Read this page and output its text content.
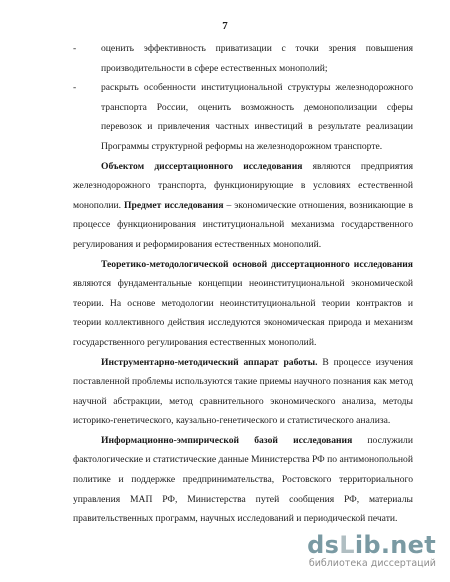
7
-	оценить эффективность приватизации с точки зрения повышения производительности в сфере естественных монополий;
-	раскрыть особенности институциональной структуры железнодорожного транспорта России, оценить возможность демонополизации сферы перевозок и привлечения частных инвестиций в результате реализации Программы структурной реформы на железнодорожном транспорте.
Объектом диссертационного исследования являются предприятия железнодорожного транспорта, функционирующие в условиях естественной монополии. Предмет исследования – экономические отношения, возникающие в процессе функционирования институциональной механизма государственного регулирования и реформирования естественных монополий.
Теоретико-методологической основой диссертационного исследования являются фундаментальные концепции неоинституциональной экономической теории. На основе методологии неоинституциональной теории контрактов и теории коллективного действия исследуются экономическая природа и механизм государственного регулирования естественных монополий.
Инструментарно-методический аппарат работы. В процессе изучения поставленной проблемы используются такие приемы научного познания как метод научной абстракции, метод сравнительного экономического анализа, методы историко-генетического, каузально-генетического и статистического анализа.
Информационно-эмпирической базой исследования послужили фактологические и статистические данные Министерства РФ по антимонопольной политике и поддержке предпринимательства, Ростовского территориального управления МАП РФ, Министерства путей сообщения РФ, материалы правительственных программ, научных исследований и периодической печати.
dsLib.net
библиотека диссертаций
